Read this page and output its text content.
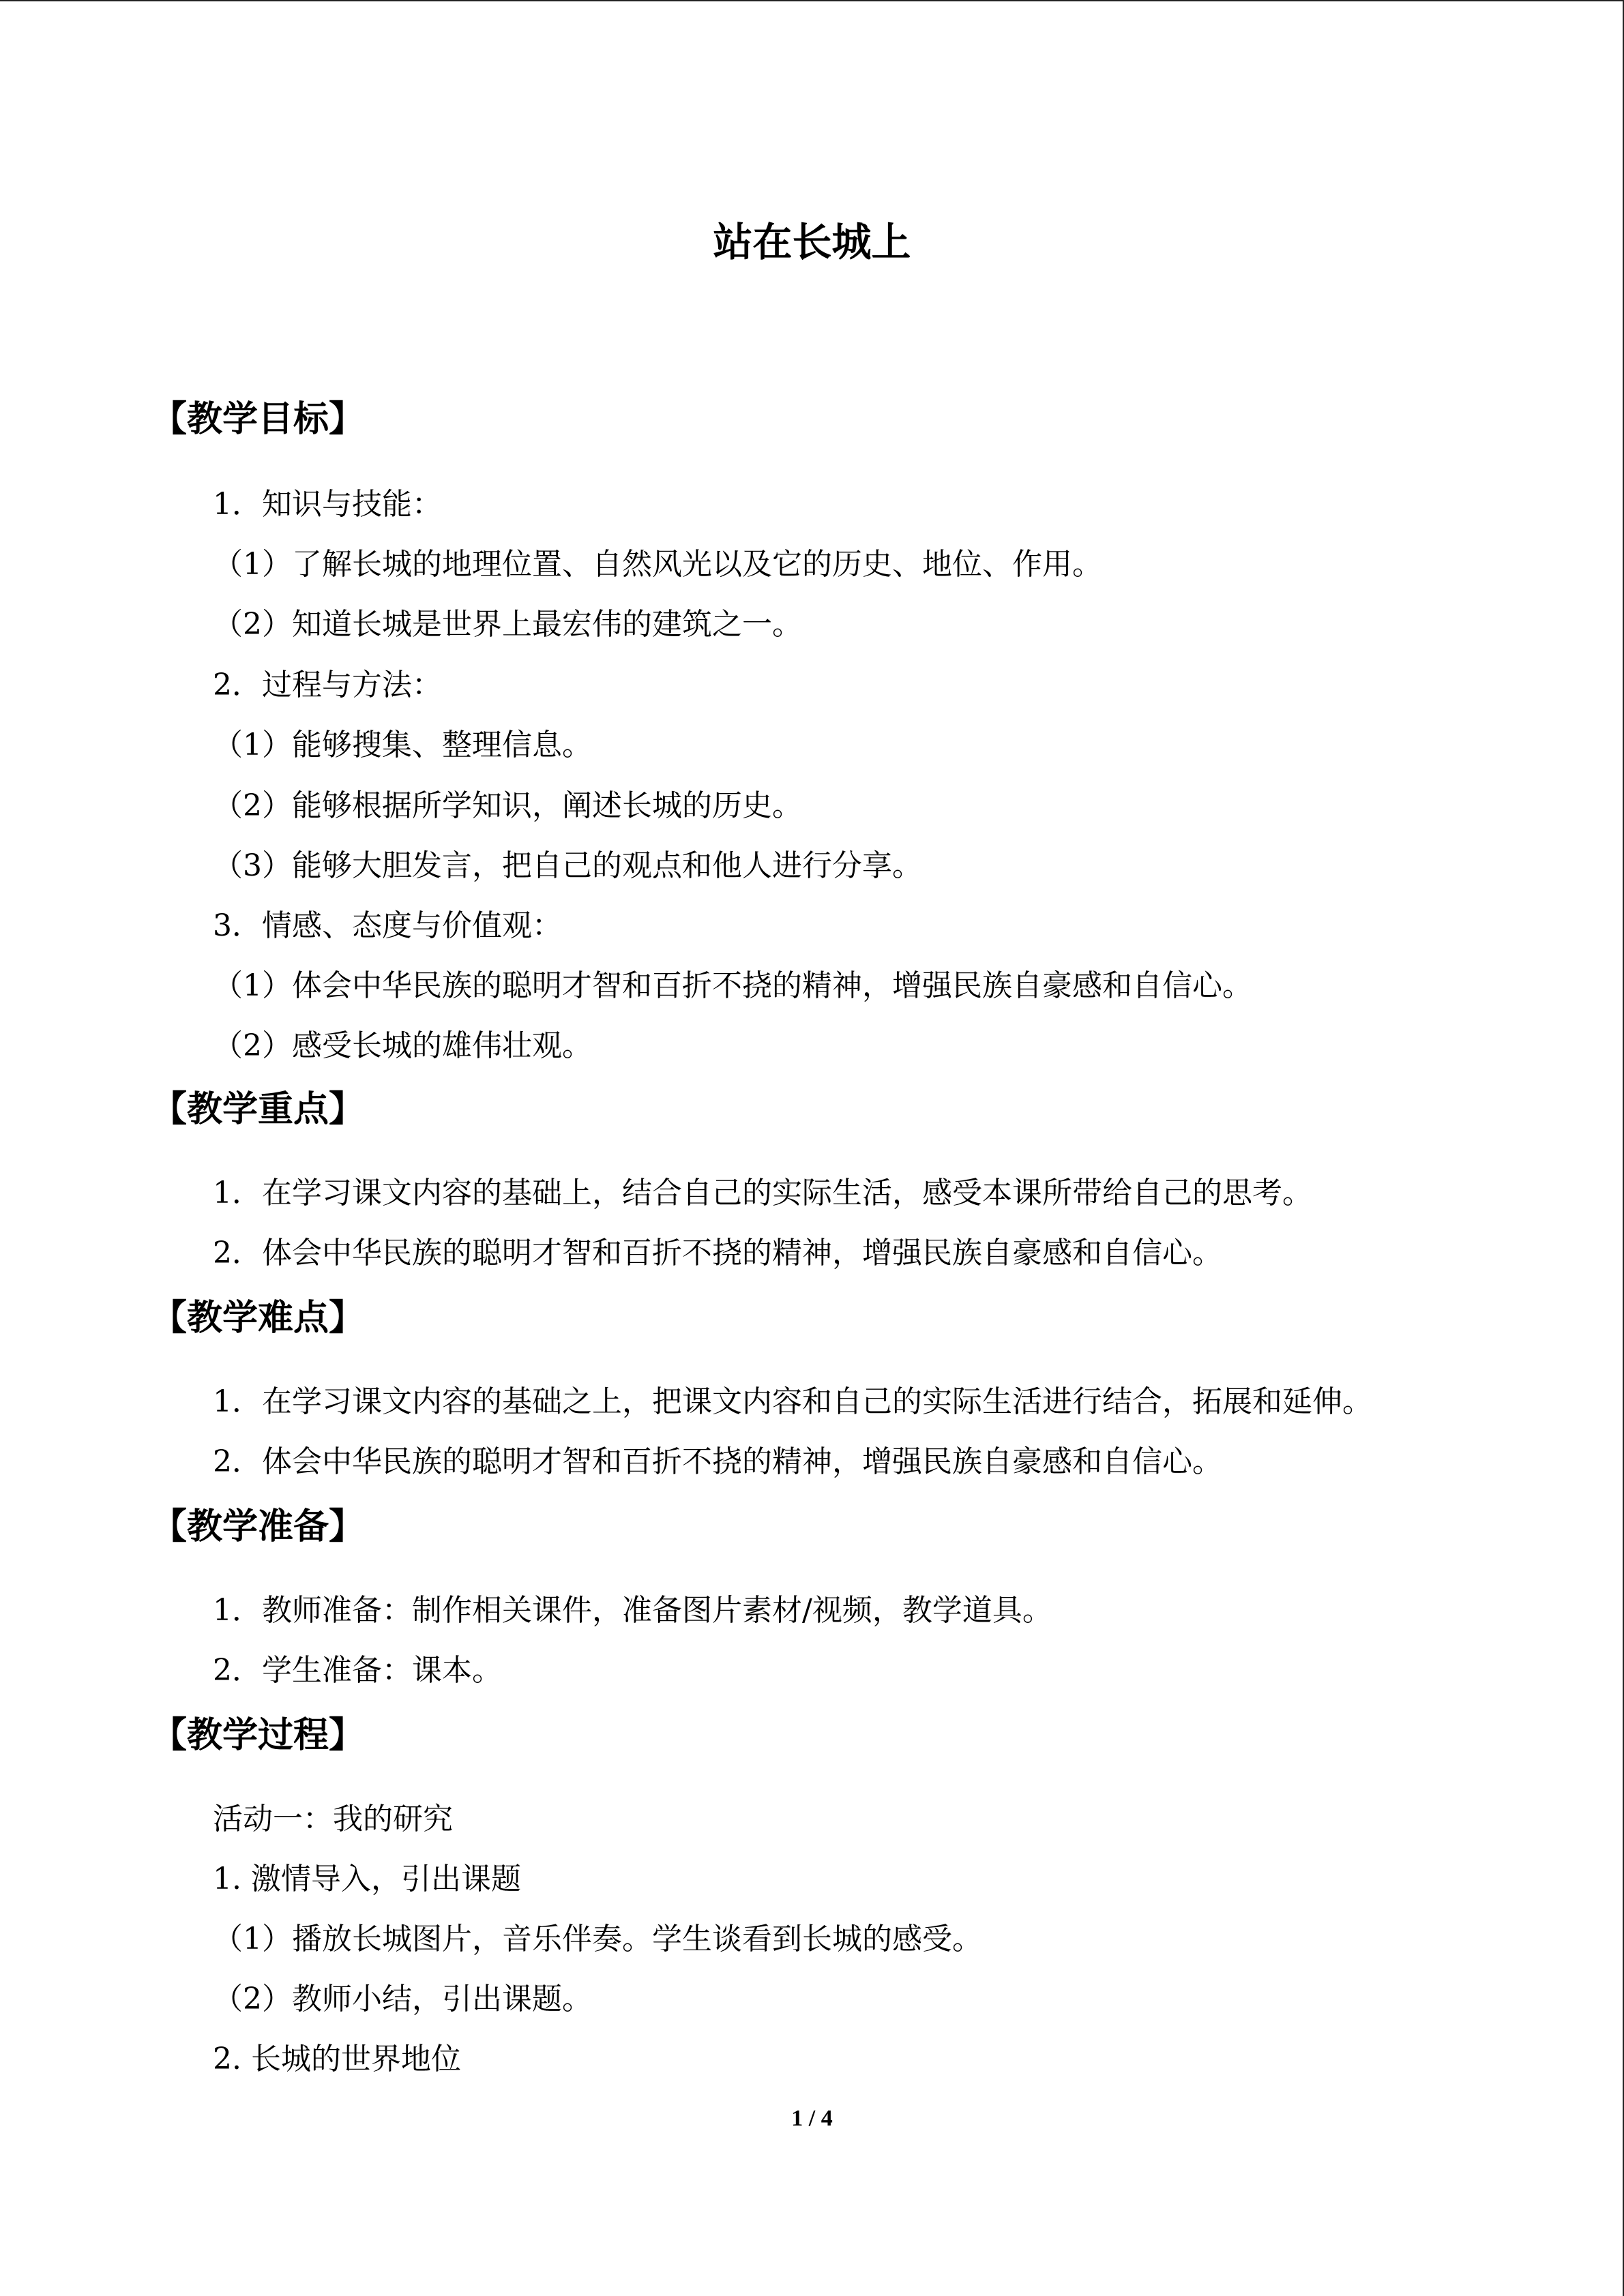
站在长城上
【教学目标】
1．知识与技能：
（1）了解长城的地理位置、自然风光以及它的历史、地位、作用。
（2）知道长城是世界上最宏伟的建筑之一。
2．过程与方法：
（1）能够搜集、整理信息。
（2）能够根据所学知识，阐述长城的历史。
（3）能够大胆发言，把自己的观点和他人进行分享。
3．情感、态度与价值观：
（1）体会中华民族的聪明才智和百折不挠的精神，增强民族自豪感和自信心。
（2）感受长城的雄伟壮观。
【教学重点】
1．在学习课文内容的基础上，结合自己的实际生活，感受本课所带给自己的思考。
2．体会中华民族的聪明才智和百折不挠的精神，增强民族自豪感和自信心。
【教学难点】
1．在学习课文内容的基础之上，把课文内容和自己的实际生活进行结合，拓展和延伸。
2．体会中华民族的聪明才智和百折不挠的精神，增强民族自豪感和自信心。
【教学准备】
1．教师准备：制作相关课件，准备图片素材/视频，教学道具。
2．学生准备：课本。
【教学过程】
活动一：我的研究
1. 激情导入，引出课题
（1）播放长城图片，音乐伴奏。学生谈看到长城的感受。
（2）教师小结，引出课题。
2. 长城的世界地位
1 / 4
